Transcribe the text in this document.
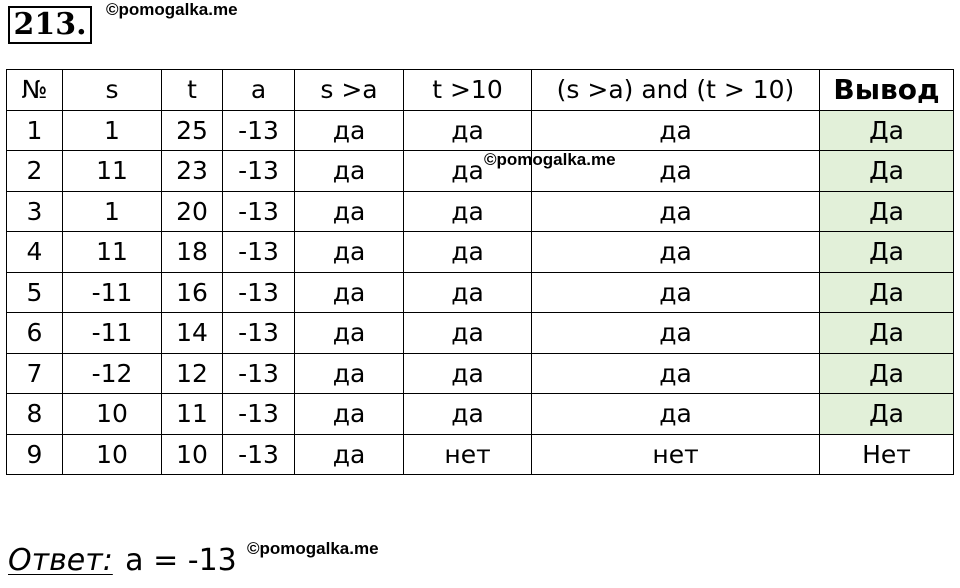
213.	©pomogalka.me
№	s	t	a	s >a	t >10	(s >a) and (t > 10)	Вывод
1	1	25	-13	да	да	да	Да
2	11	23	-13	да	да	да	Да
3	1	20	-13	да	да	да	Да
4	11	18	-13	да	да	да	Да
5	-11	16	-13	да	да	да	Да
6	-11	14	-13	да	да	да	Да
7	-12	12	-13	да	да	да	Да
8	10	11	-13	да	да	да	Да
9	10	10	-13	да	нет	нет	Нет
©pomogalka.me
Ответ: a = -13 ©pomogalka.me
